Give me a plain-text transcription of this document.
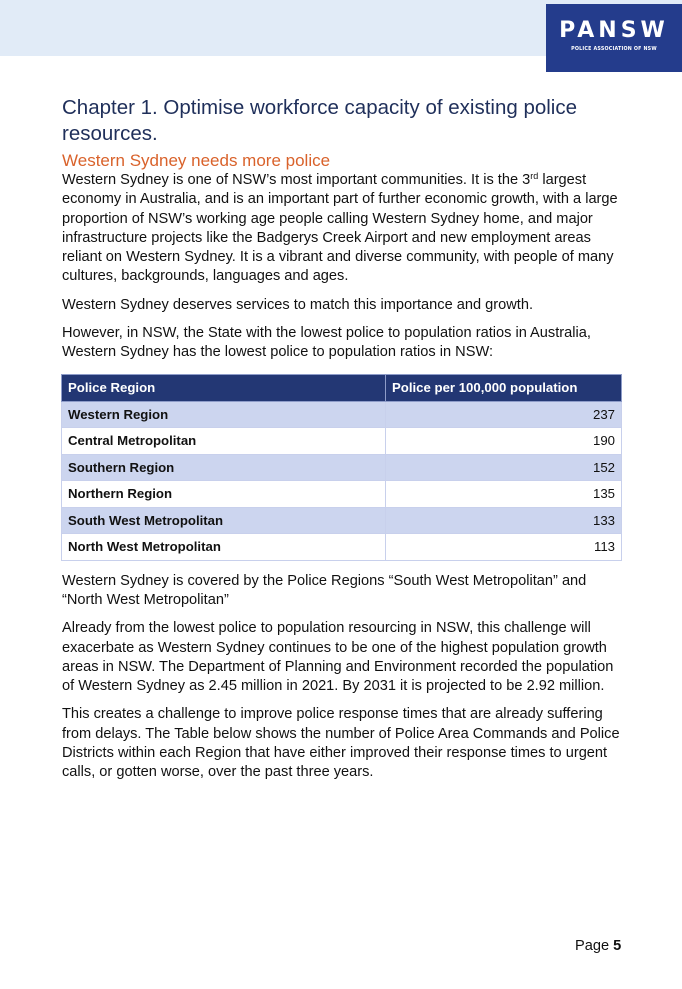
PANSW
POLICE ASSOCIATION OF NSW
Chapter 1. Optimise workforce capacity of existing police resources.
Western Sydney needs more police

Western Sydney is one of NSW’s most important communities. It is the 3rd largest economy in Australia, and is an important part of further economic growth, with a large proportion of NSW’s working age people calling Western Sydney home, and major infrastructure projects like the Badgerys Creek Airport and new employment areas reliant on Western Sydney. It is a vibrant and diverse community, with people of many cultures, backgrounds, languages and ages.

Western Sydney deserves services to match this importance and growth.

However, in NSW, the State with the lowest police to population ratios in Australia, Western Sydney has the lowest police to population ratios in NSW:

Police Region	Police per 100,000 population
Western Region	237
Central Metropolitan	190
Southern Region	152
Northern Region	135
South West Metropolitan	133
North West Metropolitan	113

Western Sydney is covered by the Police Regions “South West Metropolitan” and “North West Metropolitan”

Already from the lowest police to population resourcing in NSW, this challenge will exacerbate as Western Sydney continues to be one of the highest population growth areas in NSW. The Department of Planning and Environment recorded the population of Western Sydney as 2.45 million in 2021. By 2031 it is projected to be 2.92 million.

This creates a challenge to improve police response times that are already suffering from delays. The Table below shows the number of Police Area Commands and Police Districts within each Region that have either improved their response times to urgent calls, or gotten worse, over the past three years.

Page 5
